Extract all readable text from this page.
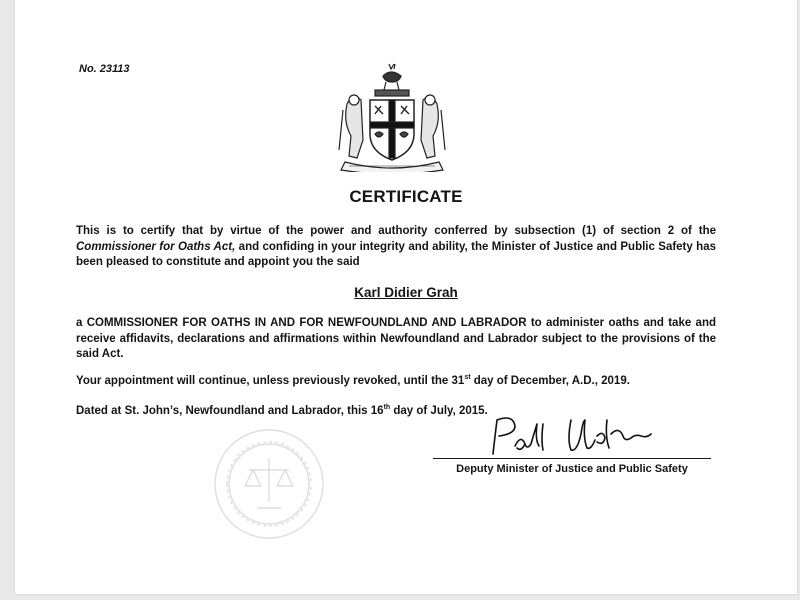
No. 23113
CERTIFICATE
This is to certify that by virtue of the power and authority conferred by subsection (1) of section 2 of the Commissioner for Oaths Act, and confiding in your integrity and ability, the Minister of Justice and Public Safety has been pleased to constitute and appoint you the said
Karl Didier Grah
a COMMISSIONER FOR OATHS IN AND FOR NEWFOUNDLAND AND LABRADOR to administer oaths and take and receive affidavits, declarations and affirmations within Newfoundland and Labrador subject to the provisions of the said Act.
Your appointment will continue, unless previously revoked, until the 31st day of December, A.D., 2019.
Dated at St. John’s, Newfoundland and Labrador, this 16th day of July, 2015.
Deputy Minister of Justice and Public Safety
